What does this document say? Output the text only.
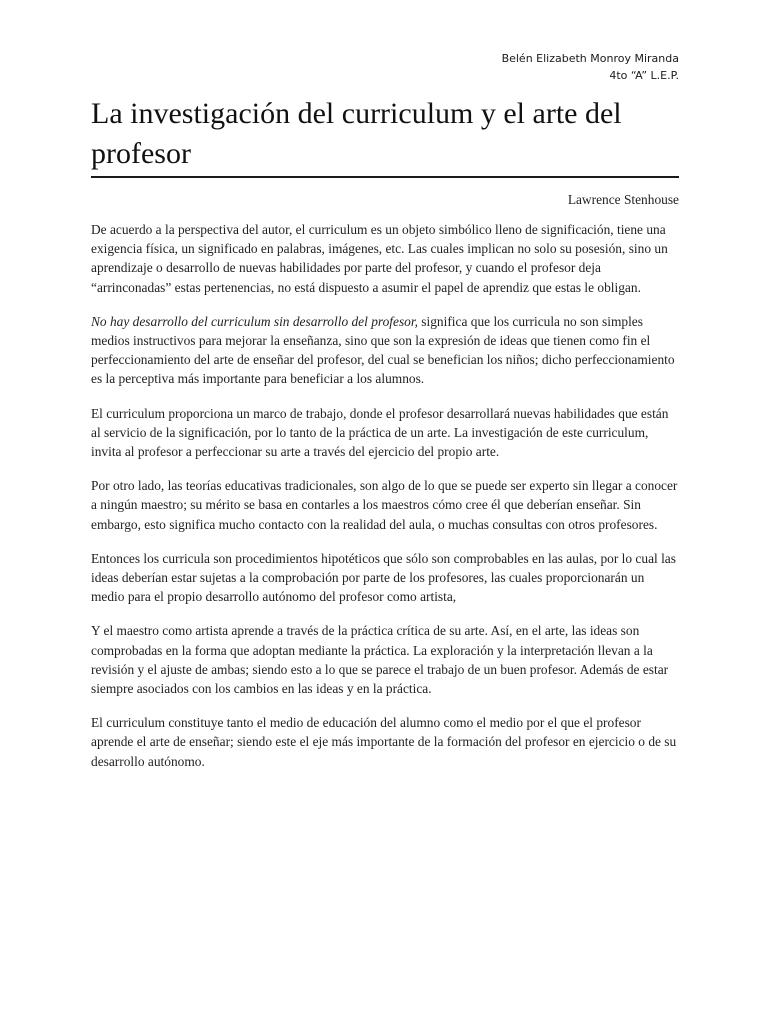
Belén Elizabeth Monroy Miranda
4to “A” L.E.P.
La investigación del curriculum y el arte del profesor
Lawrence Stenhouse

De acuerdo a la perspectiva del autor, el curriculum es un objeto simbólico lleno de significación, tiene una exigencia física, un significado en palabras, imágenes, etc. Las cuales implican no solo su posesión, sino un aprendizaje o desarrollo de nuevas habilidades por parte del profesor, y cuando el profesor deja “arrinconadas” estas pertenencias, no está dispuesto a asumir el papel de aprendiz que estas le obligan.

No hay desarrollo del curriculum sin desarrollo del profesor, significa que los curricula no son simples medios instructivos para mejorar la enseñanza, sino que son la expresión de ideas que tienen como fin el perfeccionamiento del arte de enseñar del profesor, del cual se benefician los niños; dicho perfeccionamiento es la perceptiva más importante para beneficiar a los alumnos.

El curriculum proporciona un marco de trabajo, donde el profesor desarrollará nuevas habilidades que están al servicio de la significación, por lo tanto de la práctica de un arte. La investigación de este curriculum, invita al profesor a perfeccionar su arte a través del ejercicio del propio arte.

Por otro lado, las teorías educativas tradicionales, son algo de lo que se puede ser experto sin llegar a conocer a ningún maestro; su mérito se basa en contarles a los maestros cómo cree él que deberían enseñar. Sin embargo, esto significa mucho contacto con la realidad del aula, o muchas consultas con otros profesores.

Entonces los curricula son procedimientos hipotéticos que sólo son comprobables en las aulas, por lo cual las ideas deberían estar sujetas a la comprobación por parte de los profesores, las cuales proporcionarán un medio para el propio desarrollo autónomo del profesor como artista,

Y el maestro como artista aprende a través de la práctica crítica de su arte. Así, en el arte, las ideas son comprobadas en la forma que adoptan mediante la práctica. La exploración y la interpretación llevan a la revisión y el ajuste de ambas; siendo esto a lo que se parece el trabajo de un buen profesor. Además de estar siempre asociados con los cambios en las ideas y en la práctica.

El curriculum constituye tanto el medio de educación del alumno como el medio por el que el profesor aprende el arte de enseñar; siendo este el eje más importante de la formación del profesor en ejercicio o de su desarrollo autónomo.
